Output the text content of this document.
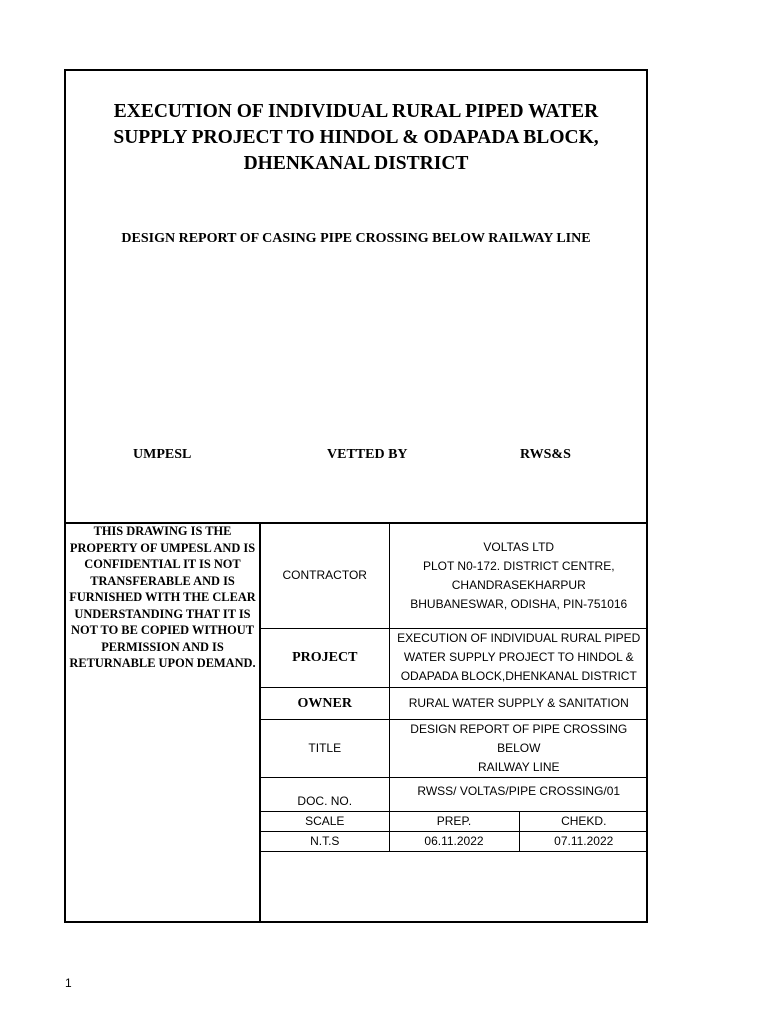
EXECUTION OF INDIVIDUAL RURAL PIPED WATER
SUPPLY PROJECT TO HINDOL & ODAPADA BLOCK,
DHENKANAL DISTRICT
DESIGN REPORT OF CASING PIPE CROSSING BELOW RAILWAY LINE
UMPESL	VETTED BY	RWS&S
THIS DRAWING IS THE
PROPERTY OF UMPESL AND IS
CONFIDENTIAL IT IS NOT
TRANSFERABLE AND IS
FURNISHED WITH THE CLEAR
UNDERSTANDING THAT IT IS
NOT TO BE COPIED WITHOUT
PERMISSION AND IS
RETURNABLE UPON DEMAND.
CONTRACTOR	VOLTAS LTD
PLOT N0-172. DISTRICT CENTRE,
CHANDRASEKHARPUR
BHUBANESWAR, ODISHA, PIN-751016	

PROJECT	EXECUTION OF INDIVIDUAL RURAL PIPED
WATER SUPPLY PROJECT TO HINDOL &
ODAPADA BLOCK,DHENKANAL DISTRICT	

OWNER	RURAL WATER SUPPLY & SANITATION	
TITLE	DESIGN REPORT OF PIPE CROSSING BELOW
RAILWAY LINE	

DOC. NO.	RWSS/ VOLTAS/PIPE CROSSING/01	
SCALE	PREP.	CHEKD.
N.T.S	06.11.2022	07.11.2022
1
